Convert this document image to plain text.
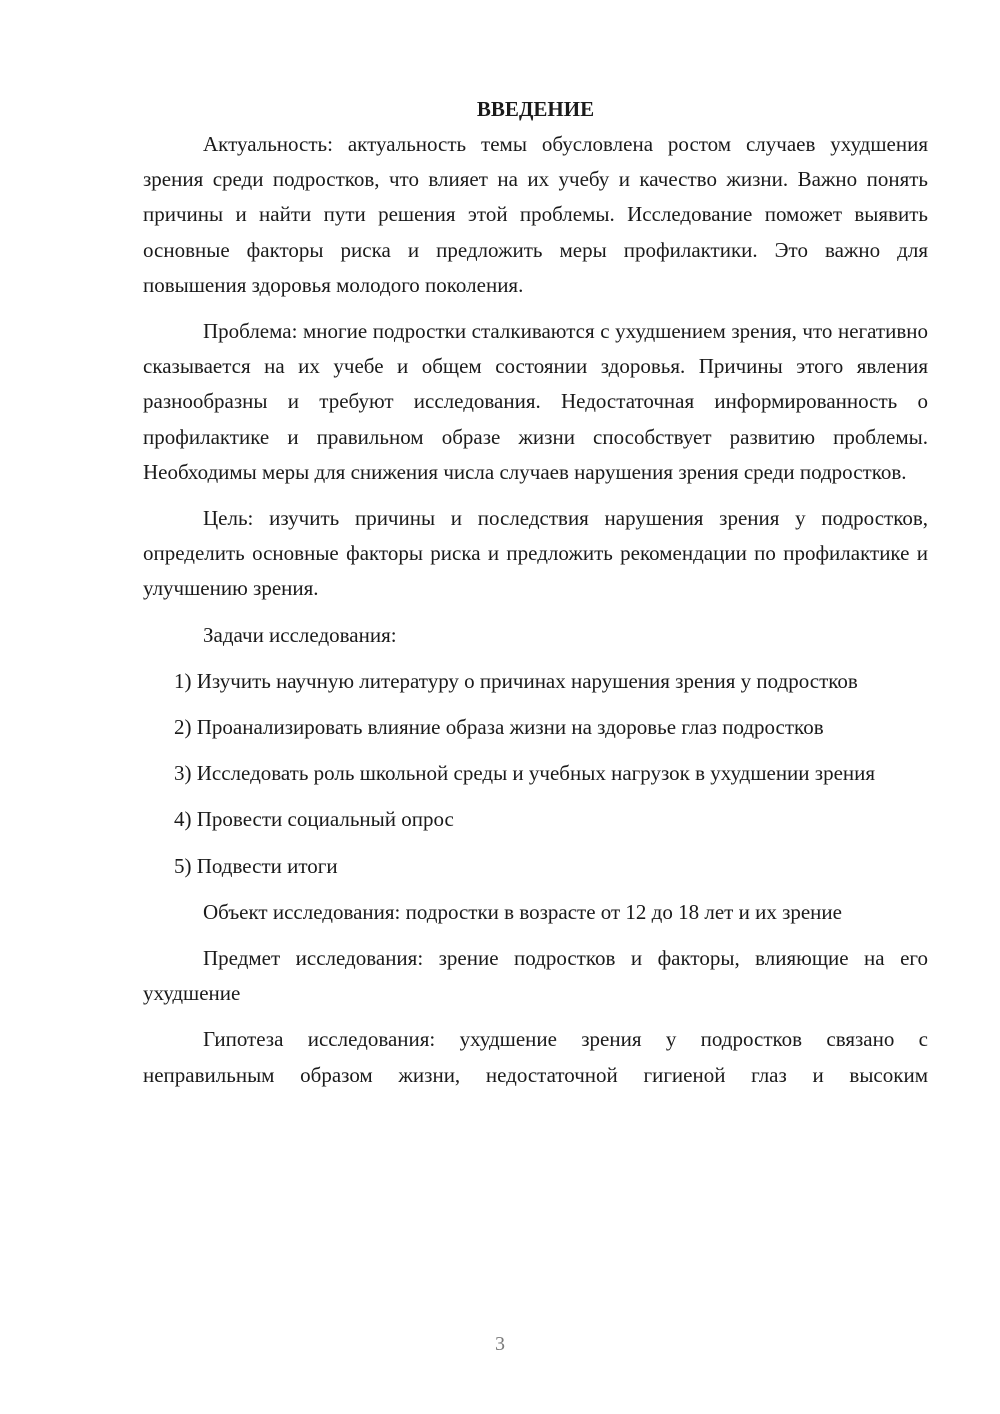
ВВЕДЕНИЕ

Актуальность: актуальность темы обусловлена ростом случаев ухудшения зрения среди подростков, что влияет на их учебу и качество жизни. Важно понять причины и найти пути решения этой проблемы. Исследование поможет выявить основные факторы риска и предложить меры профилактики. Это важно для повышения здоровья молодого поколения.

Проблема: многие подростки сталкиваются с ухудшением зрения, что негативно сказывается на их учебе и общем состоянии здоровья. Причины этого явления разнообразны и требуют исследования. Недостаточная информированность о профилактике и правильном образе жизни способствует развитию проблемы. Необходимы меры для снижения числа случаев нарушения зрения среди подростков.

Цель: изучить причины и последствия нарушения зрения у подростков, определить основные факторы риска и предложить рекомендации по профилактике и улучшению зрения.

Задачи исследования:

1) Изучить научную литературу о причинах нарушения зрения у подростков

2) Проанализировать влияние образа жизни на здоровье глаз подростков

3) Исследовать роль школьной среды и учебных нагрузок в ухудшении зрения

4) Провести социальный опрос

5) Подвести итоги

Объект исследования: подростки в возрасте от 12 до 18 лет и их зрение

Предмет исследования: зрение подростков и факторы, влияющие на его ухудшение

Гипотеза исследования: ухудшение зрения у подростков связано с неправильным образом жизни, недостаточной гигиеной глаз и высоким

3
